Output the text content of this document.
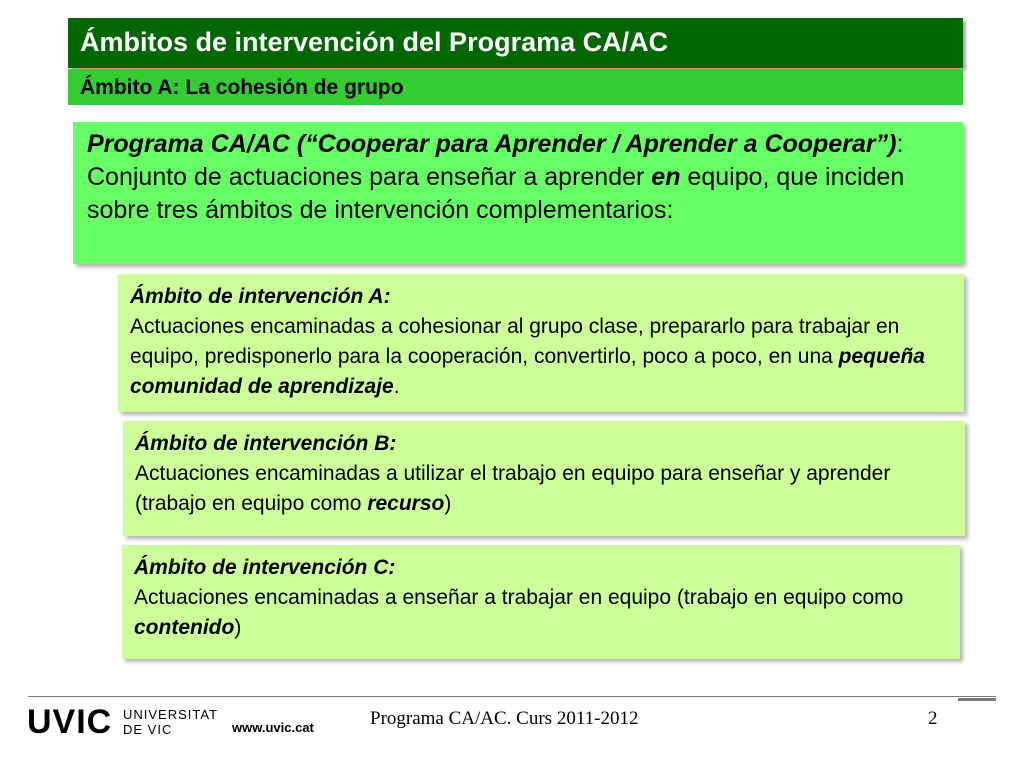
Ámbitos de intervención del Programa CA/AC
Ámbito A: La cohesión de grupo
Programa CA/AC (“Cooperar para Aprender / Aprender a Cooperar”):
Conjunto de actuaciones para enseñar a aprender en equipo, que inciden sobre tres ámbitos de intervención complementarios:
Ámbito de intervención A:
Actuaciones encaminadas a cohesionar al grupo clase, prepararlo para trabajar en equipo, predisponerlo para la cooperación, convertirlo, poco a poco, en una pequeña comunidad de aprendizaje.
Ámbito de intervención B:
Actuaciones encaminadas a utilizar el trabajo en equipo para enseñar y aprender (trabajo en equipo como recurso)
Ámbito de intervención C:
Actuaciones encaminadas a enseñar a trabajar en equipo (trabajo en equipo como contenido)
UVIC UNIVERSITAT
DE VIC	www.uvic.cat	Programa CA/AC. Curs 2011-2012	2
